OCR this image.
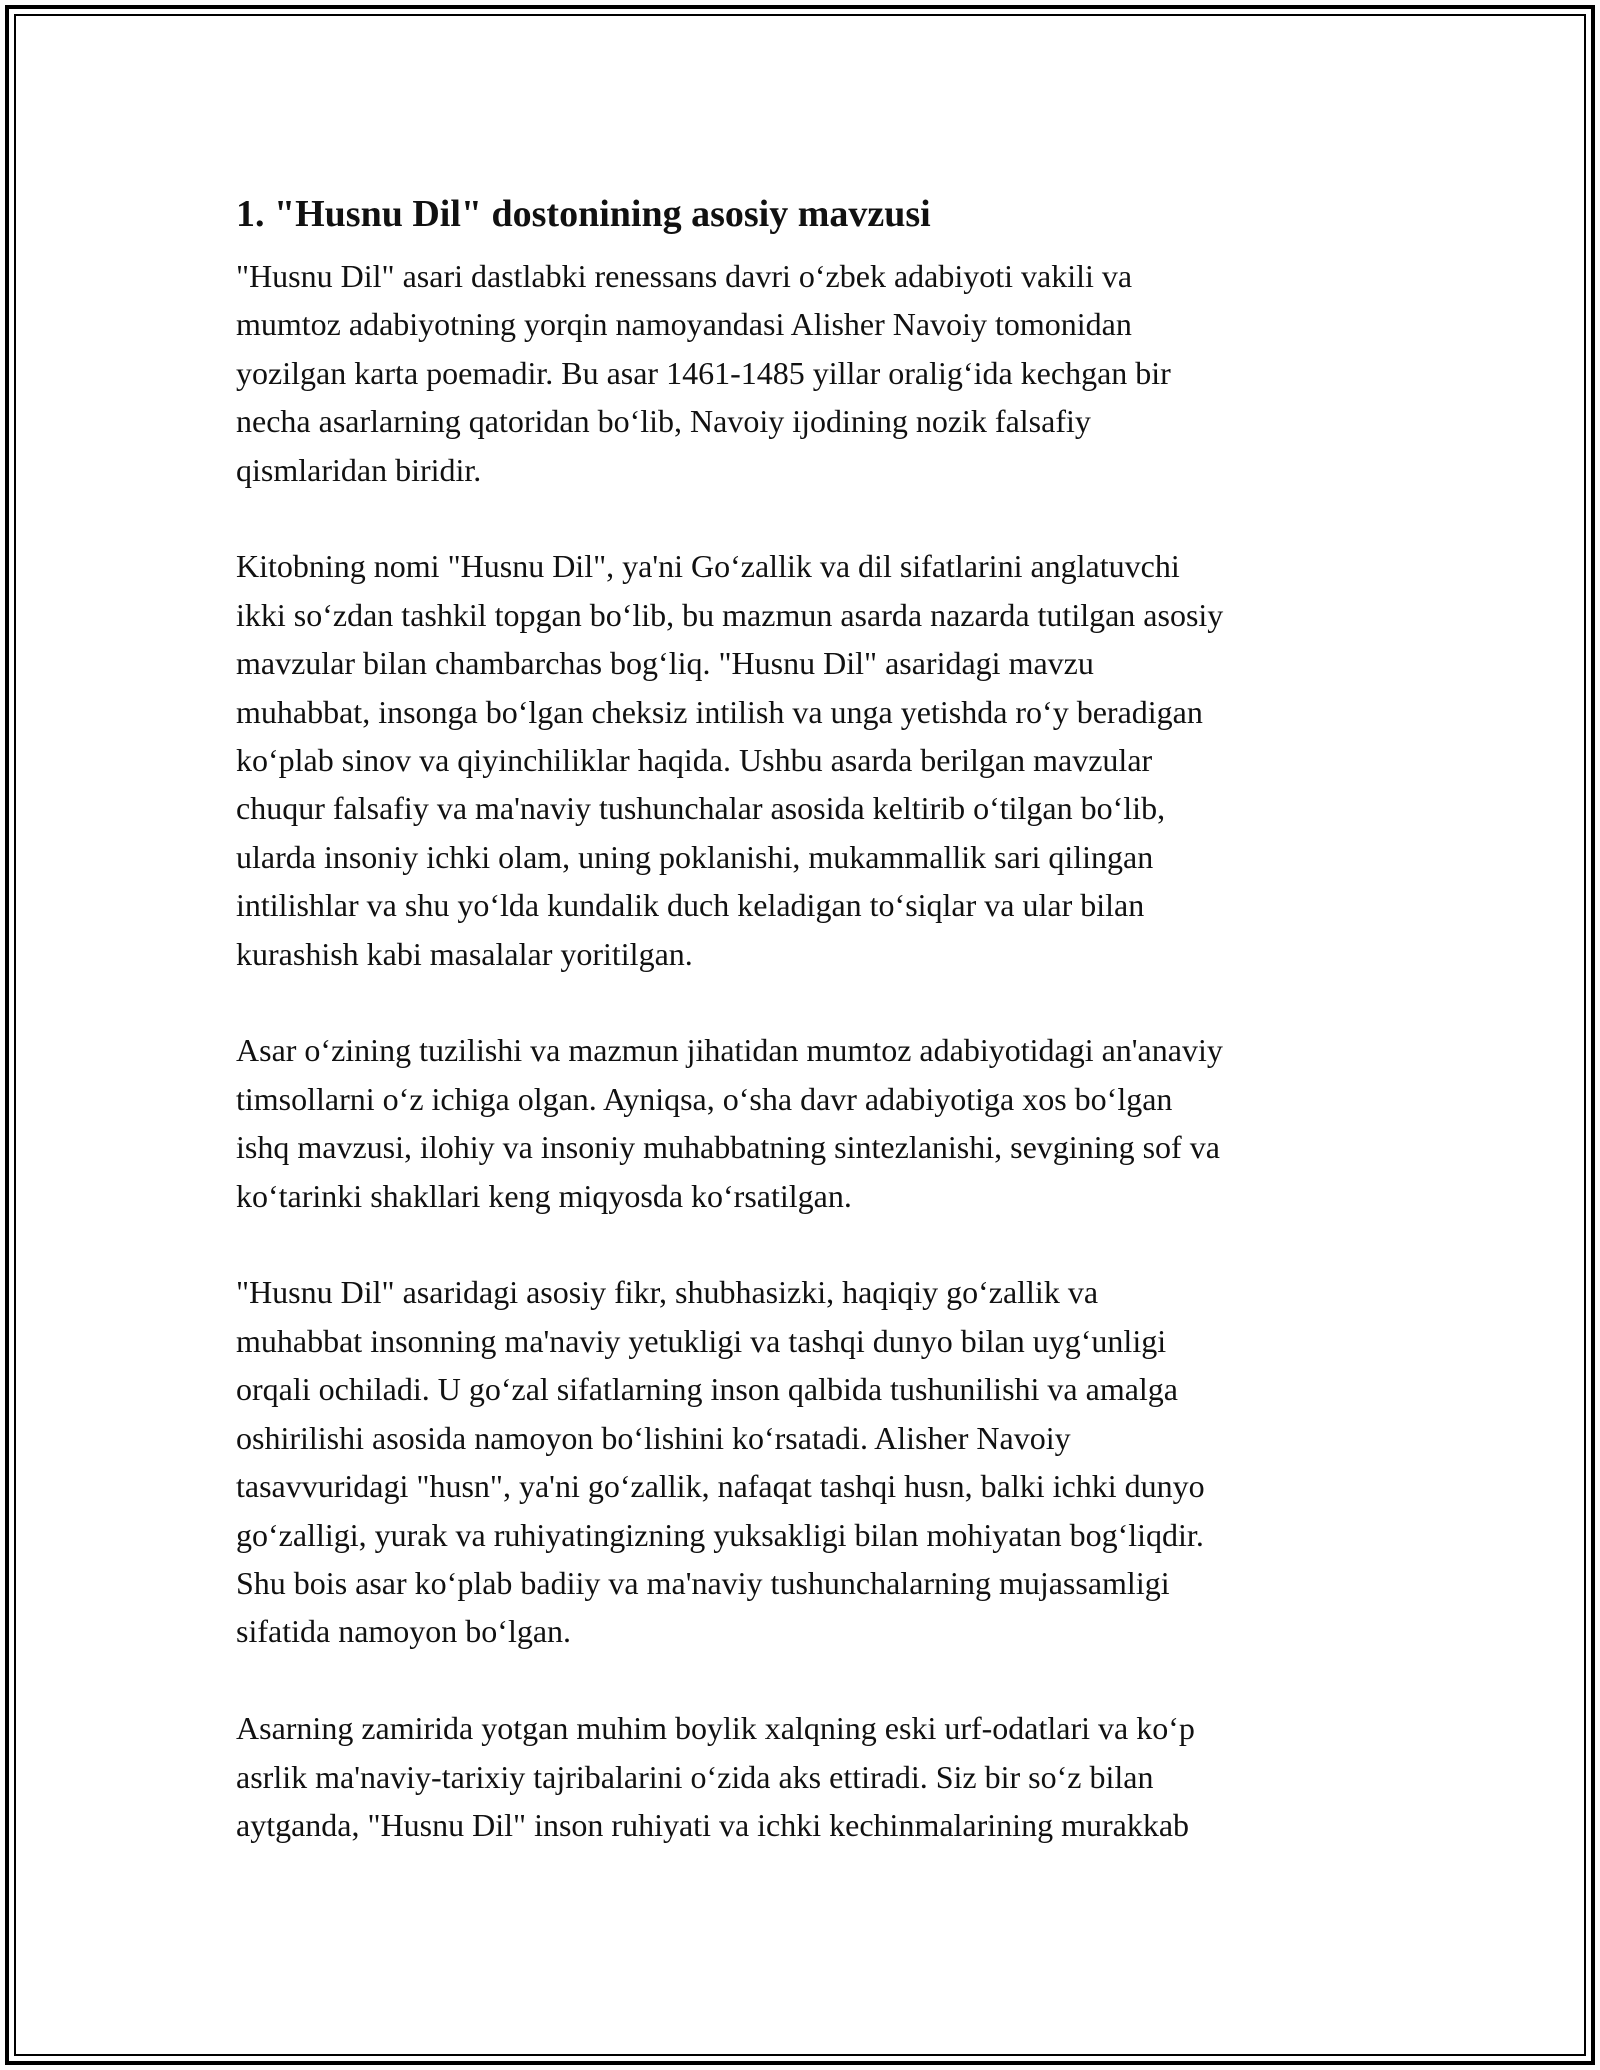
1. "Husnu Dil" dostonining asosiy mavzusi

"Husnu Dil" asari dastlabki renessans davri o‘zbek adabiyoti vakili va
mumtoz adabiyotning yorqin namoyandasi Alisher Navoiy tomonidan
yozilgan karta poemadir. Bu asar 1461-1485 yillar oralig‘ida kechgan bir
necha asarlarning qatoridan bo‘lib, Navoiy ijodining nozik falsafiy
qismlaridan biridir.

Kitobning nomi "Husnu Dil", ya'ni Go‘zallik va dil sifatlarini anglatuvchi
ikki so‘zdan tashkil topgan bo‘lib, bu mazmun asarda nazarda tutilgan asosiy
mavzular bilan chambarchas bog‘liq. "Husnu Dil" asaridagi mavzu
muhabbat, insonga bo‘lgan cheksiz intilish va unga yetishda ro‘y beradigan
ko‘plab sinov va qiyinchiliklar haqida. Ushbu asarda berilgan mavzular
chuqur falsafiy va ma'naviy tushunchalar asosida keltirib o‘tilgan bo‘lib,
ularda insoniy ichki olam, uning poklanishi, mukammallik sari qilingan
intilishlar va shu yo‘lda kundalik duch keladigan to‘siqlar va ular bilan
kurashish kabi masalalar yoritilgan.

Asar o‘zining tuzilishi va mazmun jihatidan mumtoz adabiyotidagi an'anaviy
timsollarni o‘z ichiga olgan. Ayniqsa, o‘sha davr adabiyotiga xos bo‘lgan
ishq mavzusi, ilohiy va insoniy muhabbatning sintezlanishi, sevgining sof va
ko‘tarinki shakllari keng miqyosda ko‘rsatilgan.

"Husnu Dil" asaridagi asosiy fikr, shubhasizki, haqiqiy go‘zallik va
muhabbat insonning ma'naviy yetukligi va tashqi dunyo bilan uyg‘unligi
orqali ochiladi. U go‘zal sifatlarning inson qalbida tushunilishi va amalga
oshirilishi asosida namoyon bo‘lishini ko‘rsatadi. Alisher Navoiy
tasavvuridagi "husn", ya'ni go‘zallik, nafaqat tashqi husn, balki ichki dunyo
go‘zalligi, yurak va ruhiyatingizning yuksakligi bilan mohiyatan bog‘liqdir.
Shu bois asar ko‘plab badiiy va ma'naviy tushunchalarning mujassamligi
sifatida namoyon bo‘lgan.

Asarning zamirida yotgan muhim boylik xalqning eski urf-odatlari va ko‘p
asrlik ma'naviy-tarixiy tajribalarini o‘zida aks ettiradi. Siz bir so‘z bilan
aytganda, "Husnu Dil" inson ruhiyati va ichki kechinmalarining murakkab
